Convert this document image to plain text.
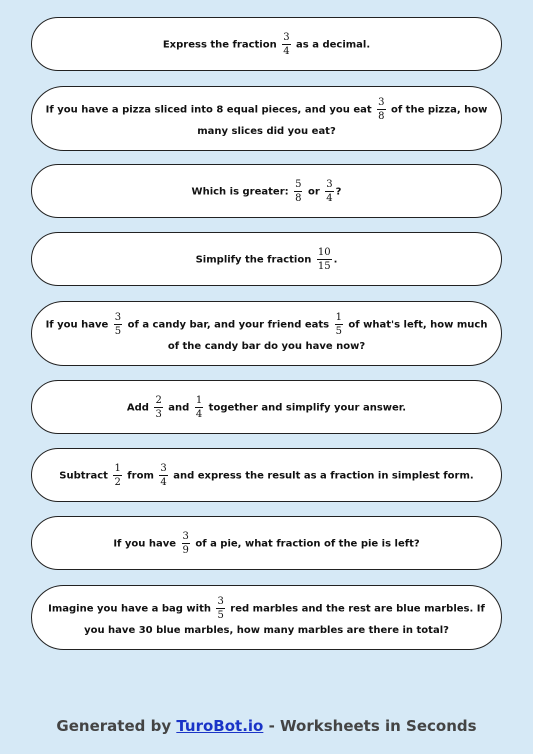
Express the fraction $\frac{3}{4}$ as a decimal.
If you have a pizza sliced into 8 equal pieces, and you eat $\frac{3}{8}$ of the pizza, how many slices did you eat?
Which is greater: $\frac{5}{8}$ or $\frac{3}{4}$ ?
Simplify the fraction $\frac{10}{15}$ .
If you have $\frac{3}{5}$ of a candy bar, and your friend eats $\frac{1}{5}$ of what's left, how much of the candy bar do you have now?
Add $\frac{2}{3}$ and $\frac{1}{4}$ together and simplify your answer.
Subtract $\frac{1}{2}$ from $\frac{3}{4}$ and express the result as a fraction in simplest form.
If you have $\frac{3}{9}$ of a pie, what fraction of the pie is left?
Imagine you have a bag with $\frac{3}{5}$ red marbles and the rest are blue marbles. If you have 30 blue marbles, how many marbles are there in total?
Generated by TuroBot.io - Worksheets in Seconds
